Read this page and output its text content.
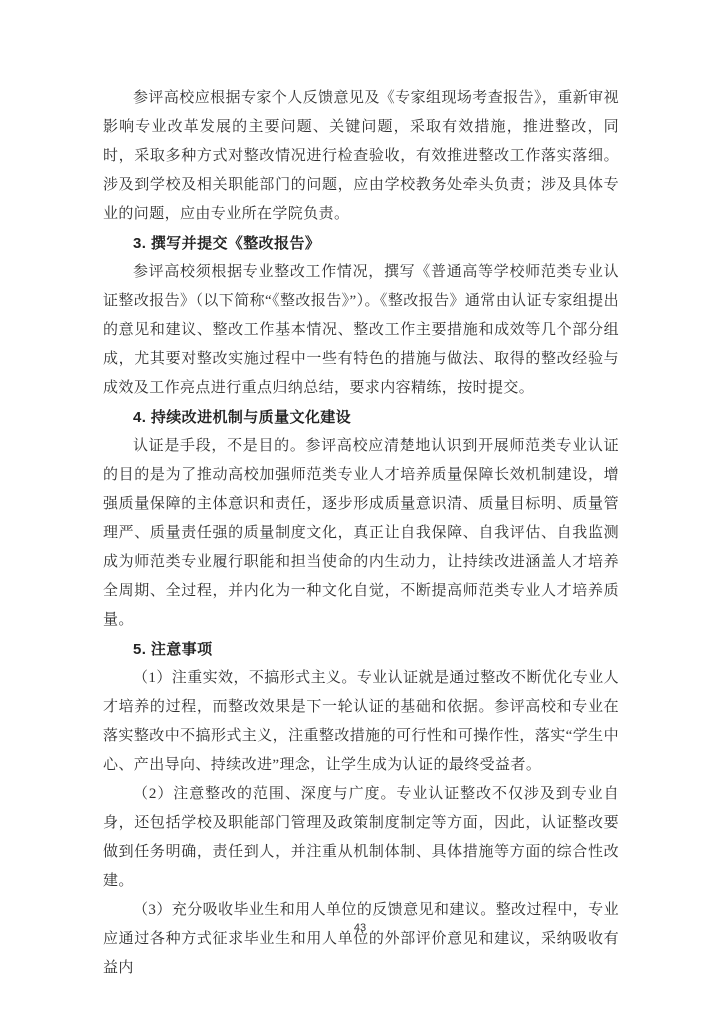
参评高校应根据专家个人反馈意见及《专家组现场考查报告》，重新审视影响专业改革发展的主要问题、关键问题，采取有效措施，推进整改，同时，采取多种方式对整改情况进行检查验收，有效推进整改工作落实落细。涉及到学校及相关职能部门的问题，应由学校教务处牵头负责；涉及具体专业的问题，应由专业所在学院负责。

3. 撰写并提交《整改报告》

参评高校须根据专业整改工作情况，撰写《普通高等学校师范类专业认证整改报告》（以下简称“《整改报告》”）。《整改报告》通常由认证专家组提出的意见和建议、整改工作基本情况、整改工作主要措施和成效等几个部分组成，尤其要对整改实施过程中一些有特色的措施与做法、取得的整改经验与成效及工作亮点进行重点归纳总结，要求内容精练，按时提交。

4. 持续改进机制与质量文化建设

认证是手段，不是目的。参评高校应清楚地认识到开展师范类专业认证的目的是为了推动高校加强师范类专业人才培养质量保障长效机制建设，增强质量保障的主体意识和责任，逐步形成质量意识清、质量目标明、质量管理严、质量责任强的质量制度文化，真正让自我保障、自我评估、自我监测成为师范类专业履行职能和担当使命的内生动力，让持续改进涵盖人才培养全周期、全过程，并内化为一种文化自觉，不断提高师范类专业人才培养质量。

5. 注意事项

（1）注重实效，不搞形式主义。专业认证就是通过整改不断优化专业人才培养的过程，而整改效果是下一轮认证的基础和依据。参评高校和专业在落实整改中不搞形式主义，注重整改措施的可行性和可操作性，落实“学生中心、产出导向、持续改进”理念，让学生成为认证的最终受益者。

（2）注意整改的范围、深度与广度。专业认证整改不仅涉及到专业自身，还包括学校及职能部门管理及政策制度制定等方面，因此，认证整改要做到任务明确，责任到人，并注重从机制体制、具体措施等方面的综合性改建。

（3）充分吸收毕业生和用人单位的反馈意见和建议。整改过程中，专业应通过各种方式征求毕业生和用人单位的外部评价意见和建议，采纳吸收有益内

43
